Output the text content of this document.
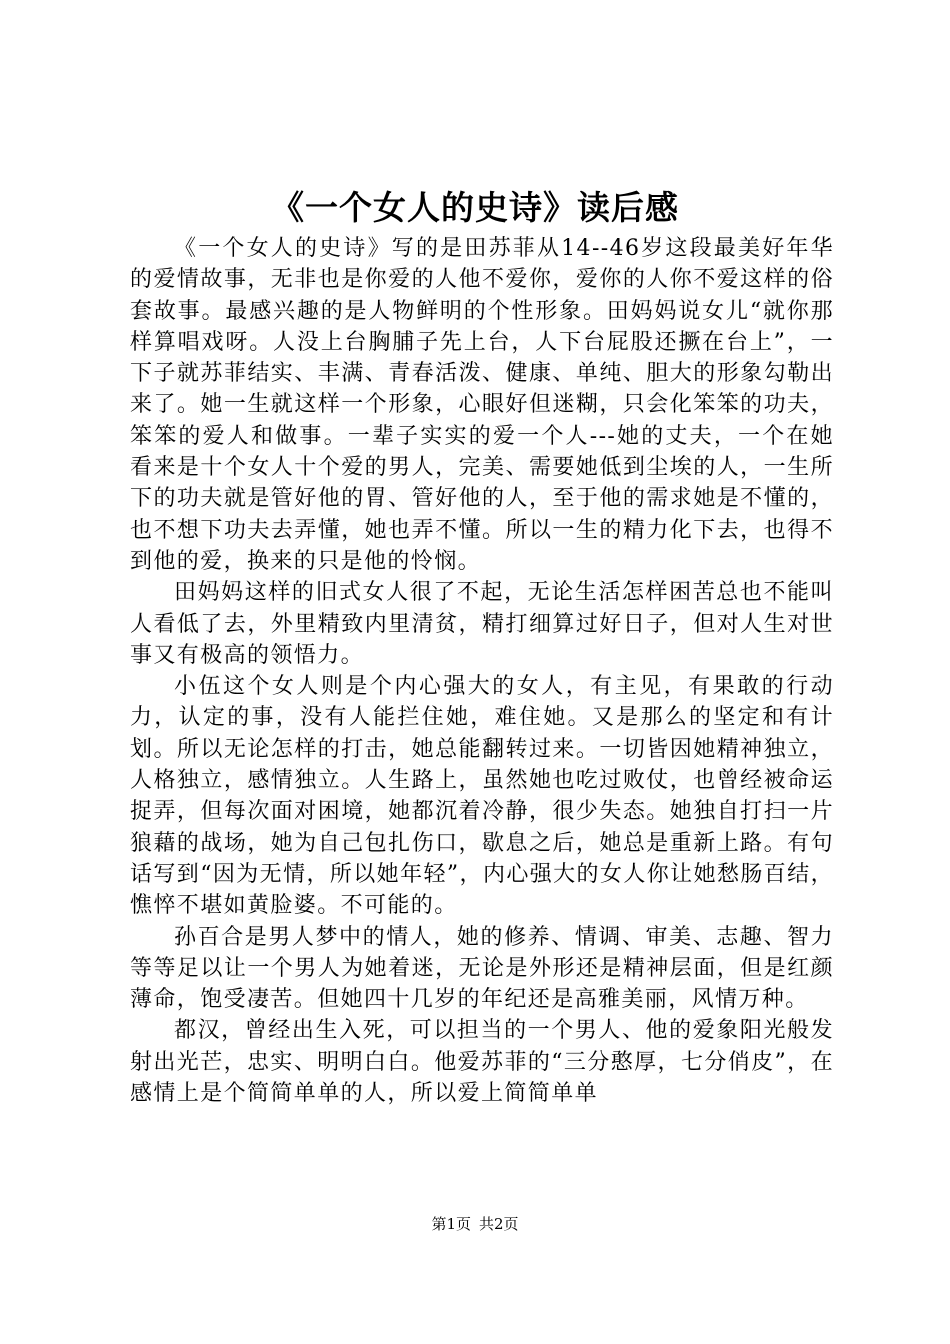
《一个女人的史诗》读后感

《一个女人的史诗》写的是田苏菲从14--46岁这段最美好年华的爱情故事，无非也是你爱的人他不爱你，爱你的人你不爱这样的俗套故事。最感兴趣的是人物鲜明的个性形象。田妈妈说女儿“就你那样算唱戏呀。人没上台胸脯子先上台，人下台屁股还撅在台上”，一下子就苏菲结实、丰满、青春活泼、健康、单纯、胆大的形象勾勒出来了。她一生就这样一个形象，心眼好但迷糊，只会化笨笨的功夫，笨笨的爱人和做事。一辈子实实的爱一个人---她的丈夫，一个在她看来是十个女人十个爱的男人，完美、需要她低到尘埃的人，一生所下的功夫就是管好他的胃、管好他的人，至于他的需求她是不懂的，也不想下功夫去弄懂，她也弄不懂。所以一生的精力化下去，也得不到他的爱，换来的只是他的怜悯。

田妈妈这样的旧式女人很了不起，无论生活怎样困苦总也不能叫人看低了去，外里精致内里清贫，精打细算过好日子，但对人生对世事又有极高的领悟力。

小伍这个女人则是个内心强大的女人，有主见，有果敢的行动力，认定的事，没有人能拦住她，难住她。又是那么的坚定和有计划。所以无论怎样的打击，她总能翻转过来。一切皆因她精神独立，人格独立，感情独立。人生路上，虽然她也吃过败仗，也曾经被命运捉弄，但每次面对困境，她都沉着冷静，很少失态。她独自打扫一片狼藉的战场，她为自己包扎伤口，歇息之后，她总是重新上路。有句话写到“因为无情，所以她年轻”，内心强大的女人你让她愁肠百结，憔悴不堪如黄脸婆。不可能的。

孙百合是男人梦中的情人，她的修养、情调、审美、志趣、智力等等足以让一个男人为她着迷，无论是外形还是精神层面，但是红颜薄命，饱受凄苦。但她四十几岁的年纪还是高雅美丽，风情万种。

都汉，曾经出生入死，可以担当的一个男人、他的爱象阳光般发射出光芒，忠实、明明白白。他爱苏菲的“三分憨厚，七分俏皮”，在感情上是个简简单单的人，所以爱上简简单单

第1页 共2页
